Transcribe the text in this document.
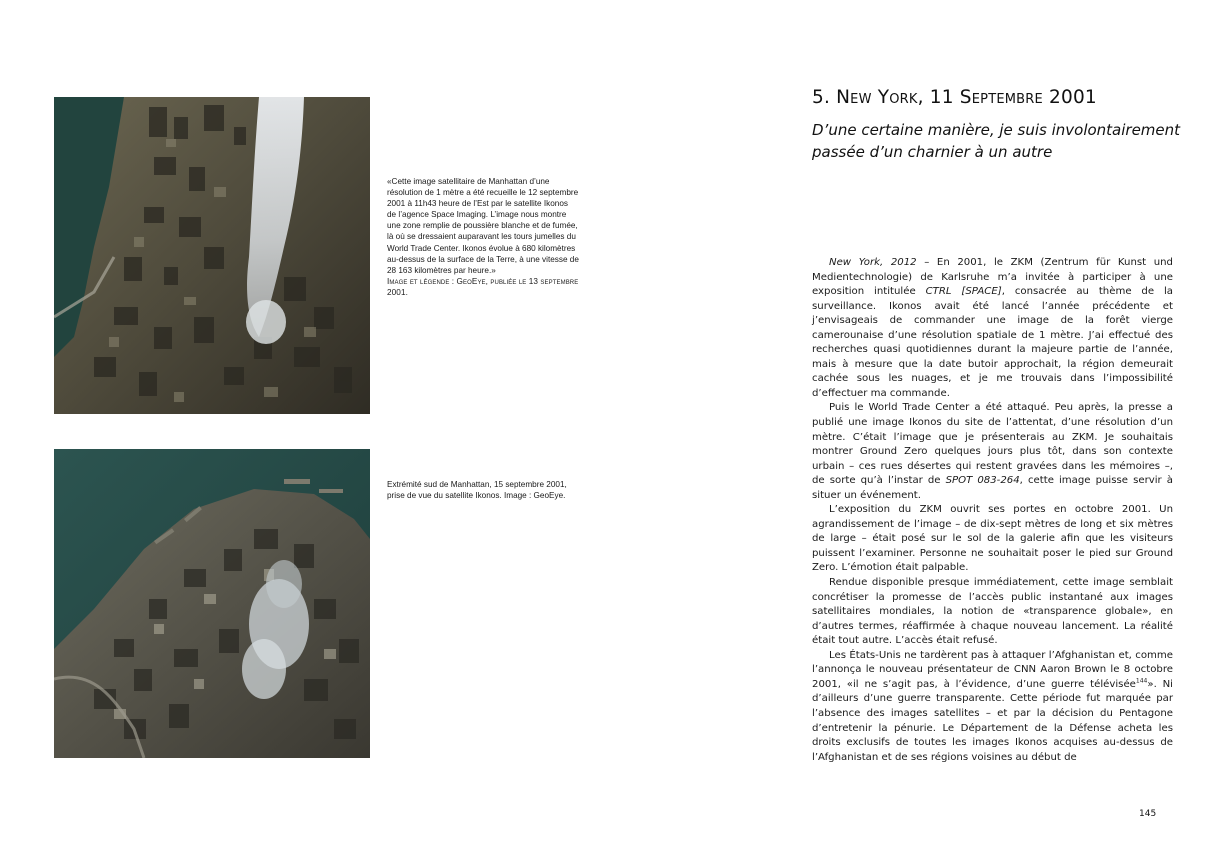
«Cette image satellitaire de Manhattan d’une résolution de 1 mètre a été recueille le 12 septembre 2001 à 11h43 heure de l’Est par le satellite Ikonos de l’agence Space Imaging. L’image nous montre une zone remplie de poussière blanche et de fumée, là où se dressaient auparavant les tours jumelles du World Trade Center. Ikonos évolue à 680 kilomètres au-dessus de la surface de la Terre, à une vitesse de 28 163 kilomètres par heure.»
Image et légende : GeoEye, publiée le 13 septembre 2001.
Extrémité sud de Manhattan, 15 septembre 2001, prise de vue du satellite Ikonos. Image : GeoEye.
5. New York, 11 Septembre 2001
D’une certaine manière, je suis involontairement passée d’un charnier à un autre

New York, 2012 – En 2001, le ZKM (Zentrum für Kunst und Medientechnologie) de Karlsruhe m’a invitée à participer à une exposition intitulée CTRL [SPACE], consacrée au thème de la surveillance. Ikonos avait été lancé l’année précédente et j’envisageais de commander une image de la forêt vierge camerounaise d’une résolution spatiale de 1 mètre. J’ai effectué des recherches quasi quotidiennes durant la majeure partie de l’année, mais à mesure que la date butoir approchait, la région demeurait cachée sous les nuages, et je me trouvais dans l’impossibilité d’effectuer ma commande.

Puis le World Trade Center a été attaqué. Peu après, la presse a publié une image Ikonos du site de l’attentat, d’une résolution d’un mètre. C’était l’image que je présenterais au ZKM. Je souhaitais montrer Ground Zero quelques jours plus tôt, dans son contexte urbain – ces rues désertes qui restent gravées dans les mémoires –, de sorte qu’à l’instar de SPOT 083-264, cette image puisse servir à situer un événement.

L’exposition du ZKM ouvrit ses portes en octobre 2001. Un agrandissement de l’image – de dix-sept mètres de long et six mètres de large – était posé sur le sol de la galerie afin que les visiteurs puissent l’examiner. Personne ne souhaitait poser le pied sur Ground Zero. L’émotion était palpable.

Rendue disponible presque immédiatement, cette image semblait concrétiser la promesse de l’accès public instantané aux images satellitaires mondiales, la notion de «transparence globale», en d’autres termes, réaffirmée à chaque nouveau lancement. La réalité était tout autre. L’accès était refusé.

Les États-Unis ne tardèrent pas à attaquer l’Afghanistan et, comme l’annonça le nouveau présentateur de CNN Aaron Brown le 8 octobre 2001, «il ne s’agit pas, à l’évidence, d’une guerre télévisée$^{144}$». Ni d’ailleurs d’une guerre transparente. Cette période fut marquée par l’absence des images satellites – et par la décision du Pentagone d’entretenir la pénurie. Le Département de la Défense acheta les droits exclusifs de toutes les images Ikonos acquises au-dessus de l’Afghanistan et de ses régions voisines au début de

145
